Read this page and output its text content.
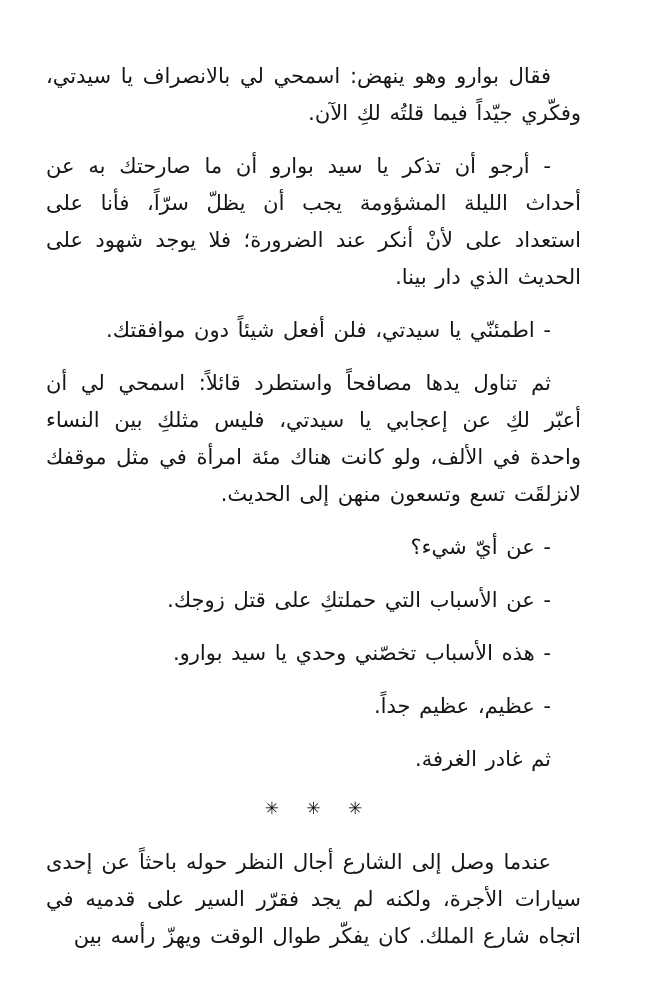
فقال بوارو وهو ينهض: اسمحي لي بالانصراف يا سيدتي، وفكّري جيّداً فيما قلتُه لكِ الآن.

- أرجو أن تذكر يا سيد بوارو أن ما صارحتك به عن أحداث الليلة المشؤومة يجب أن يظلّ سرّاً، فأنا على استعداد على لأنْ أنكر عند الضرورة؛ فلا يوجد شهود على الحديث الذي دار بينا.

- اطمئنّي يا سيدتي، فلن أفعل شيئاً دون موافقتك.

ثم تناول يدها مصافحاً واستطرد قائلاً: اسمحي لي أن أعبّر لكِ عن إعجابي يا سيدتي، فليس مثلكِ بين النساء واحدة في الألف، ولو كانت هناك مئة امرأة في مثل موقفك لانزلقَت تسع وتسعون منهن إلى الحديث.

- عن أيّ شيء؟

- عن الأسباب التي حملتكِ على قتل زوجك.

- هذه الأسباب تخصّني وحدي يا سيد بوارو.

- عظيم، عظيم جداً.

ثم غادر الغرفة.

✳ ✳ ✳

عندما وصل إلى الشارع أجال النظر حوله باحثاً عن إحدى سيارات الأجرة، ولكنه لم يجد فقرّر السير على قدميه في اتجاه شارع الملك. كان يفكّر طوال الوقت ويهزّ رأسه بين
